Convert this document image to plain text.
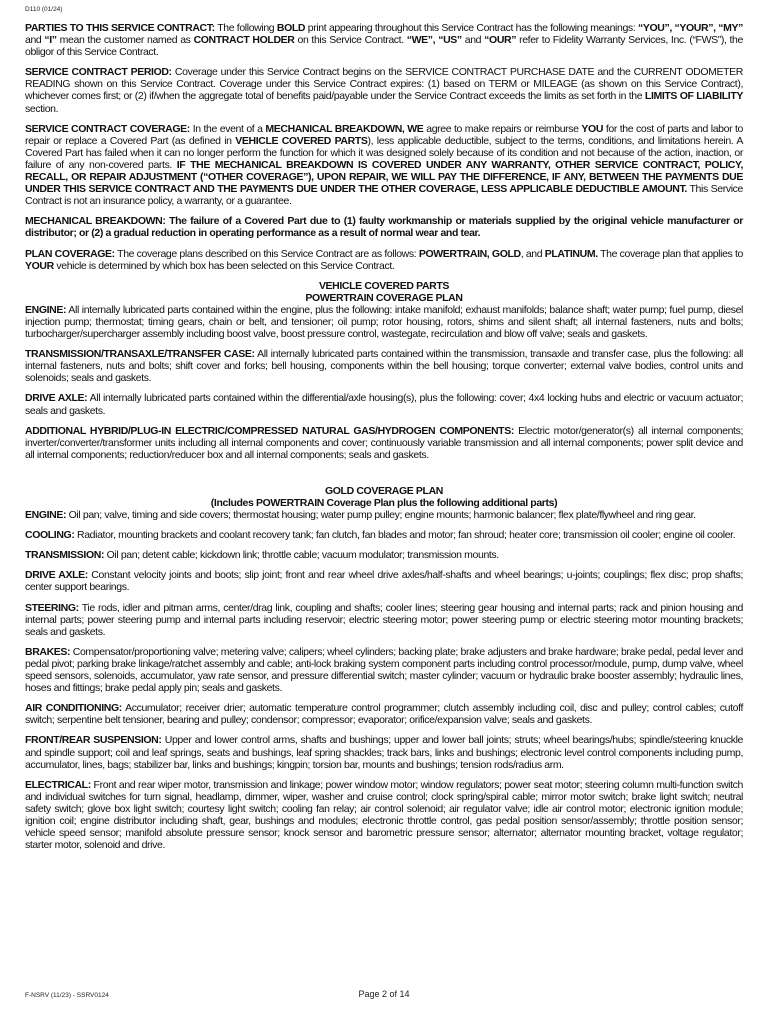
D110 (01/24)

PARTIES TO THIS SERVICE CONTRACT: The following BOLD print appearing throughout this Service Contract has the following meanings: “YOU”, “YOUR”, “MY” and “I” mean the customer named as CONTRACT HOLDER on this Service Contract. “WE”, “US” and “OUR” refer to Fidelity Warranty Services, Inc. (“FWS”), the obligor of this Service Contract.

SERVICE CONTRACT PERIOD: Coverage under this Service Contract begins on the SERVICE CONTRACT PURCHASE DATE and the CURRENT ODOMETER READING shown on this Service Contract. Coverage under this Service Contract expires: (1) based on TERM or MILEAGE (as shown on this Service Contract), whichever comes first; or (2) if/when the aggregate total of benefits paid/payable under the Service Contract exceeds the limits as set forth in the LIMITS OF LIABILITY section.

SERVICE CONTRACT COVERAGE: In the event of a MECHANICAL BREAKDOWN, WE agree to make repairs or reimburse YOU for the cost of parts and labor to repair or replace a Covered Part (as defined in VEHICLE COVERED PARTS), less applicable deductible, subject to the terms, conditions, and limitations herein. A Covered Part has failed when it can no longer perform the function for which it was designed solely because of its condition and not because of the action, inaction, or failure of any non-covered parts. IF THE MECHANICAL BREAKDOWN IS COVERED UNDER ANY WARRANTY, OTHER SERVICE CONTRACT, POLICY, RECALL, OR REPAIR ADJUSTMENT (“OTHER COVERAGE”), UPON REPAIR, WE WILL PAY THE DIFFERENCE, IF ANY, BETWEEN THE PAYMENTS DUE UNDER THIS SERVICE CONTRACT AND THE PAYMENTS DUE UNDER THE OTHER COVERAGE, LESS APPLICABLE DEDUCTIBLE AMOUNT. This Service Contract is not an insurance policy, a warranty, or a guarantee.

MECHANICAL BREAKDOWN: The failure of a Covered Part due to (1) faulty workmanship or materials supplied by the original vehicle manufacturer or distributor; or (2) a gradual reduction in operating performance as a result of normal wear and tear.

PLAN COVERAGE: The coverage plans described on this Service Contract are as follows: POWERTRAIN, GOLD, and PLATINUM. The coverage plan that applies to YOUR vehicle is determined by which box has been selected on this Service Contract.

VEHICLE COVERED PARTS
POWERTRAIN COVERAGE PLAN

ENGINE: All internally lubricated parts contained within the engine, plus the following: intake manifold; exhaust manifolds; balance shaft; water pump; fuel pump, diesel injection pump; thermostat; timing gears, chain or belt, and tensioner; oil pump; rotor housing, rotors, shims and silent shaft; all internal fasteners, nuts and bolts; turbocharger/supercharger assembly including boost valve, boost pressure control, wastegate, recirculation and blow off valve; seals and gaskets.

TRANSMISSION/TRANSAXLE/TRANSFER CASE: All internally lubricated parts contained within the transmission, transaxle and transfer case, plus the following: all internal fasteners, nuts and bolts; shift cover and forks; bell housing, components within the bell housing; torque converter; external valve bodies, control units and solenoids; seals and gaskets.

DRIVE AXLE: All internally lubricated parts contained within the differential/axle housing(s), plus the following: cover; 4x4 locking hubs and electric or vacuum actuator; seals and gaskets.

ADDITIONAL HYBRID/PLUG-IN ELECTRIC/COMPRESSED NATURAL GAS/HYDROGEN COMPONENTS: Electric motor/generator(s) all internal components; inverter/converter/transformer units including all internal components and cover; continuously variable transmission and all internal components; power split device and all internal components; reduction/reducer box and all internal components; seals and gaskets.

GOLD COVERAGE PLAN
(Includes POWERTRAIN Coverage Plan plus the following additional parts)

ENGINE: Oil pan; valve, timing and side covers; thermostat housing; water pump pulley; engine mounts; harmonic balancer; flex plate/flywheel and ring gear.

COOLING: Radiator, mounting brackets and coolant recovery tank; fan clutch, fan blades and motor; fan shroud; heater core; transmission oil cooler; engine oil cooler.

TRANSMISSION: Oil pan; detent cable; kickdown link; throttle cable; vacuum modulator; transmission mounts.

DRIVE AXLE: Constant velocity joints and boots; slip joint; front and rear wheel drive axles/half-shafts and wheel bearings; u-joints; couplings; flex disc; prop shafts; center support bearings.

STEERING: Tie rods, idler and pitman arms, center/drag link, coupling and shafts; cooler lines; steering gear housing and internal parts; rack and pinion housing and internal parts; power steering pump and internal parts including reservoir; electric steering motor; power steering pump or electric steering motor mounting brackets; seals and gaskets.

BRAKES: Compensator/proportioning valve; metering valve; calipers; wheel cylinders; backing plate; brake adjusters and brake hardware; brake pedal, pedal lever and pedal pivot; parking brake linkage/ratchet assembly and cable; anti-lock braking system component parts including control processor/module, pump, dump valve, wheel speed sensors, solenoids, accumulator, yaw rate sensor, and pressure differential switch; master cylinder; vacuum or hydraulic brake booster assembly; hydraulic lines, hoses and fittings; brake pedal apply pin; seals and gaskets.

AIR CONDITIONING: Accumulator; receiver drier; automatic temperature control programmer; clutch assembly including coil, disc and pulley; control cables; cutoff switch; serpentine belt tensioner, bearing and pulley; condensor; compressor; evaporator; orifice/expansion valve; seals and gaskets.

FRONT/REAR SUSPENSION: Upper and lower control arms, shafts and bushings; upper and lower ball joints; struts; wheel bearings/hubs; spindle/steering knuckle and spindle support; coil and leaf springs, seats and bushings, leaf spring shackles; track bars, links and bushings; electronic level control components including pump, accumulator, lines, bags; stabilizer bar, links and bushings; kingpin; torsion bar, mounts and bushings; tension rods/radius arm.

ELECTRICAL: Front and rear wiper motor, transmission and linkage; power window motor; window regulators; power seat motor; steering column multi-function switch and individual switches for turn signal, headlamp, dimmer, wiper, washer and cruise control; clock spring/spiral cable; mirror motor switch; brake light switch; neutral safety switch; glove box light switch; courtesy light switch; cooling fan relay; air control solenoid; air regulator valve; idle air control motor; electronic ignition module; ignition coil; engine distributor including shaft, gear, bushings and modules; electronic throttle control, gas pedal position sensor/assembly; throttle position sensor; vehicle speed sensor; manifold absolute pressure sensor; knock sensor and barometric pressure sensor; alternator; alternator mounting bracket, voltage regulator; starter motor, solenoid and drive.

F-NSRV (11/23) - SSRV0124	Page 2 of 14
